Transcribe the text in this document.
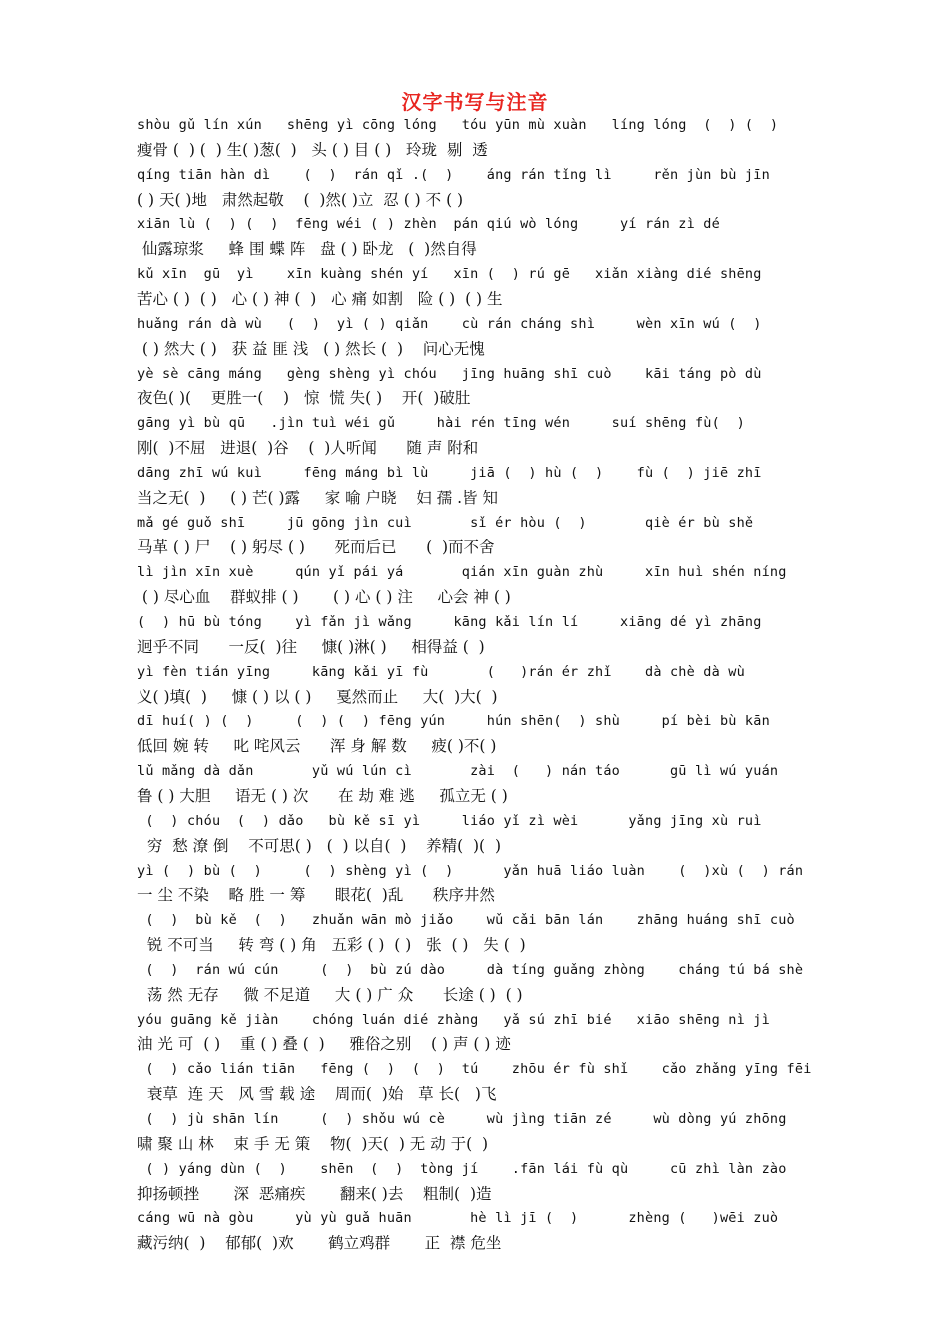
汉字书写与注音
shòu gǔ lín xún   shēng yì cōng lóng   tóu yūn mù xuàn   líng lóng  (  ) (  )
瘦骨 (  ) (  ) 生( )葱(  )   头 ( ) 目 ( )   玲珑  剔  透
qíng tiān hàn dì    (  )  rán qǐ .(  )    áng rán tǐng lì     rěn jùn bù jīn
( ) 天( )地   肃然起敬    (  )然( )立  忍 ( ) 不 ( )
xiān lù (  ) (  )  fēng wéi ( ) zhèn  pán qiú wò lóng     yí rán zì dé
仙露琼浆     蜂 围 蝶 阵   盘 ( ) 卧龙   (  )然自得
kǔ xīn  gū  yì    xīn kuàng shén yí   xīn (  ) rú gē   xiǎn xiàng dié shēng
苦心 ( )  ( )   心 ( ) 神 (  )   心 痛 如割   险 ( )  ( ) 生
huǎng rán dà wù   (  )  yì ( ) qiǎn    cù rán cháng shì     wèn xīn wú (  )
( ) 然大 ( )   获 益 匪 浅   ( ) 然长 (  )    问心无愧
yè sè cāng máng   gèng shèng yì chóu   jīng huāng shī cuò    kāi táng pò dù
夜色( )(    更胜一(    )   惊  慌 失( )    开(  )破肚
gāng yì bù qū   .jìn tuì wéi gǔ     hài rén tīng wén     suí shēng fù(  )
刚(  )不屈   进退(  )谷    (  )人听闻      随 声 附和
dāng zhī wú kuì     fēng máng bì lù     jiā (  ) hù (  )    fù (  ) jiē zhī
当之无(  )     ( ) 芒( )露     家 喻 户晓    妇 孺 .皆 知
mǎ gé guǒ shī     jū gōng jìn cuì       sǐ ér hòu (  )       qiè ér bù shě
马革 ( ) 尸    ( ) 躬尽 ( )      死而后已      (  )而不舍
lì jìn xīn xuè     qún yǐ pái yá       qián xīn guàn zhù     xīn huì shén níng
( ) 尽心血    群蚁排 ( )       ( ) 心 ( ) 注     心会 神 ( )
(  ) hū bù tóng    yì fǎn jì wǎng     kāng kǎi lín lí     xiāng dé yì zhāng
迥乎不同      一反(  )往     慷( )淋( )     相得益 (  )
yì fèn tián yīng     kāng kǎi yī fù       (   )rán ér zhǐ    dà chè dà wù
义( )填(  )     慷 ( ) 以 ( )     戛然而止     大(  )大(  )
dī huí( ) (  )     (  ) (  ) fēng yún     hún shēn(  ) shù     pí bèi bù kān
低回 婉 转     叱 咤风云      浑 身 解 数     疲( )不( )
lǔ mǎng dà dǎn       yǔ wú lún cì       zài  (   ) nán táo      gū lì wú yuán
鲁 ( ) 大胆     语无 ( ) 次      在 劫 难 逃     孤立无 ( )
(  ) chóu  (  ) dǎo   bù kě sī yì     liáo yǐ zì wèi      yǎng jīng xù ruì
穷  愁 潦 倒    不可思( )   (  ) 以自(  )    养精(  )(  )
yì (  ) bù (  )     (  ) shèng yì (  )      yǎn huā liáo luàn    (  )xù (  ) rán
一 尘 不染    略 胜 一 筹      眼花(  )乱      秩序井然
(  )  bù kě  (  )   zhuǎn wān mò jiǎo    wǔ cǎi bān lán    zhāng huáng shī cuò
锐 不可当     转 弯 ( ) 角   五彩 ( )  ( )   张  ( )   失 (  )
(  )  rán wú cún     (  )  bù zú dào     dà tíng guǎng zhòng    cháng tú bá shè
荡 然 无存     微 不足道     大 ( ) 广 众      长途 ( )  ( )
yóu guāng kě jiàn    chóng luán dié zhàng   yǎ sú zhī bié   xiāo shēng nì jì
油 光 可  ( )    重 ( ) 叠 (  )     雅俗之别    ( ) 声 ( ) 迹
(  ) cǎo lián tiān   fēng (  )  (  )  tú    zhōu ér fù shǐ    cǎo zhǎng yīng fēi
衰草  连 天   风 雪 载 途    周而(  )始   草 长(   )飞
(  ) jù shān lín     (  ) shǒu wú cè     wù jìng tiān zé     wù dòng yú zhōng
啸 聚 山 林    束 手 无 策    物(  )天(  ) 无 动 于(  )
( ) yáng dùn (  )    shēn  (  )  tòng jí    .fān lái fù qù     cū zhì làn zào
抑扬顿挫       深  恶痛疾       翻来( )去    粗制(  )造
cáng wū nà gòu     yù yù guǎ huān       hè lì jī (  )      zhèng (   )wēi zuò
藏污纳(  )    郁郁(  )欢       鹤立鸡群       正  襟 危坐
